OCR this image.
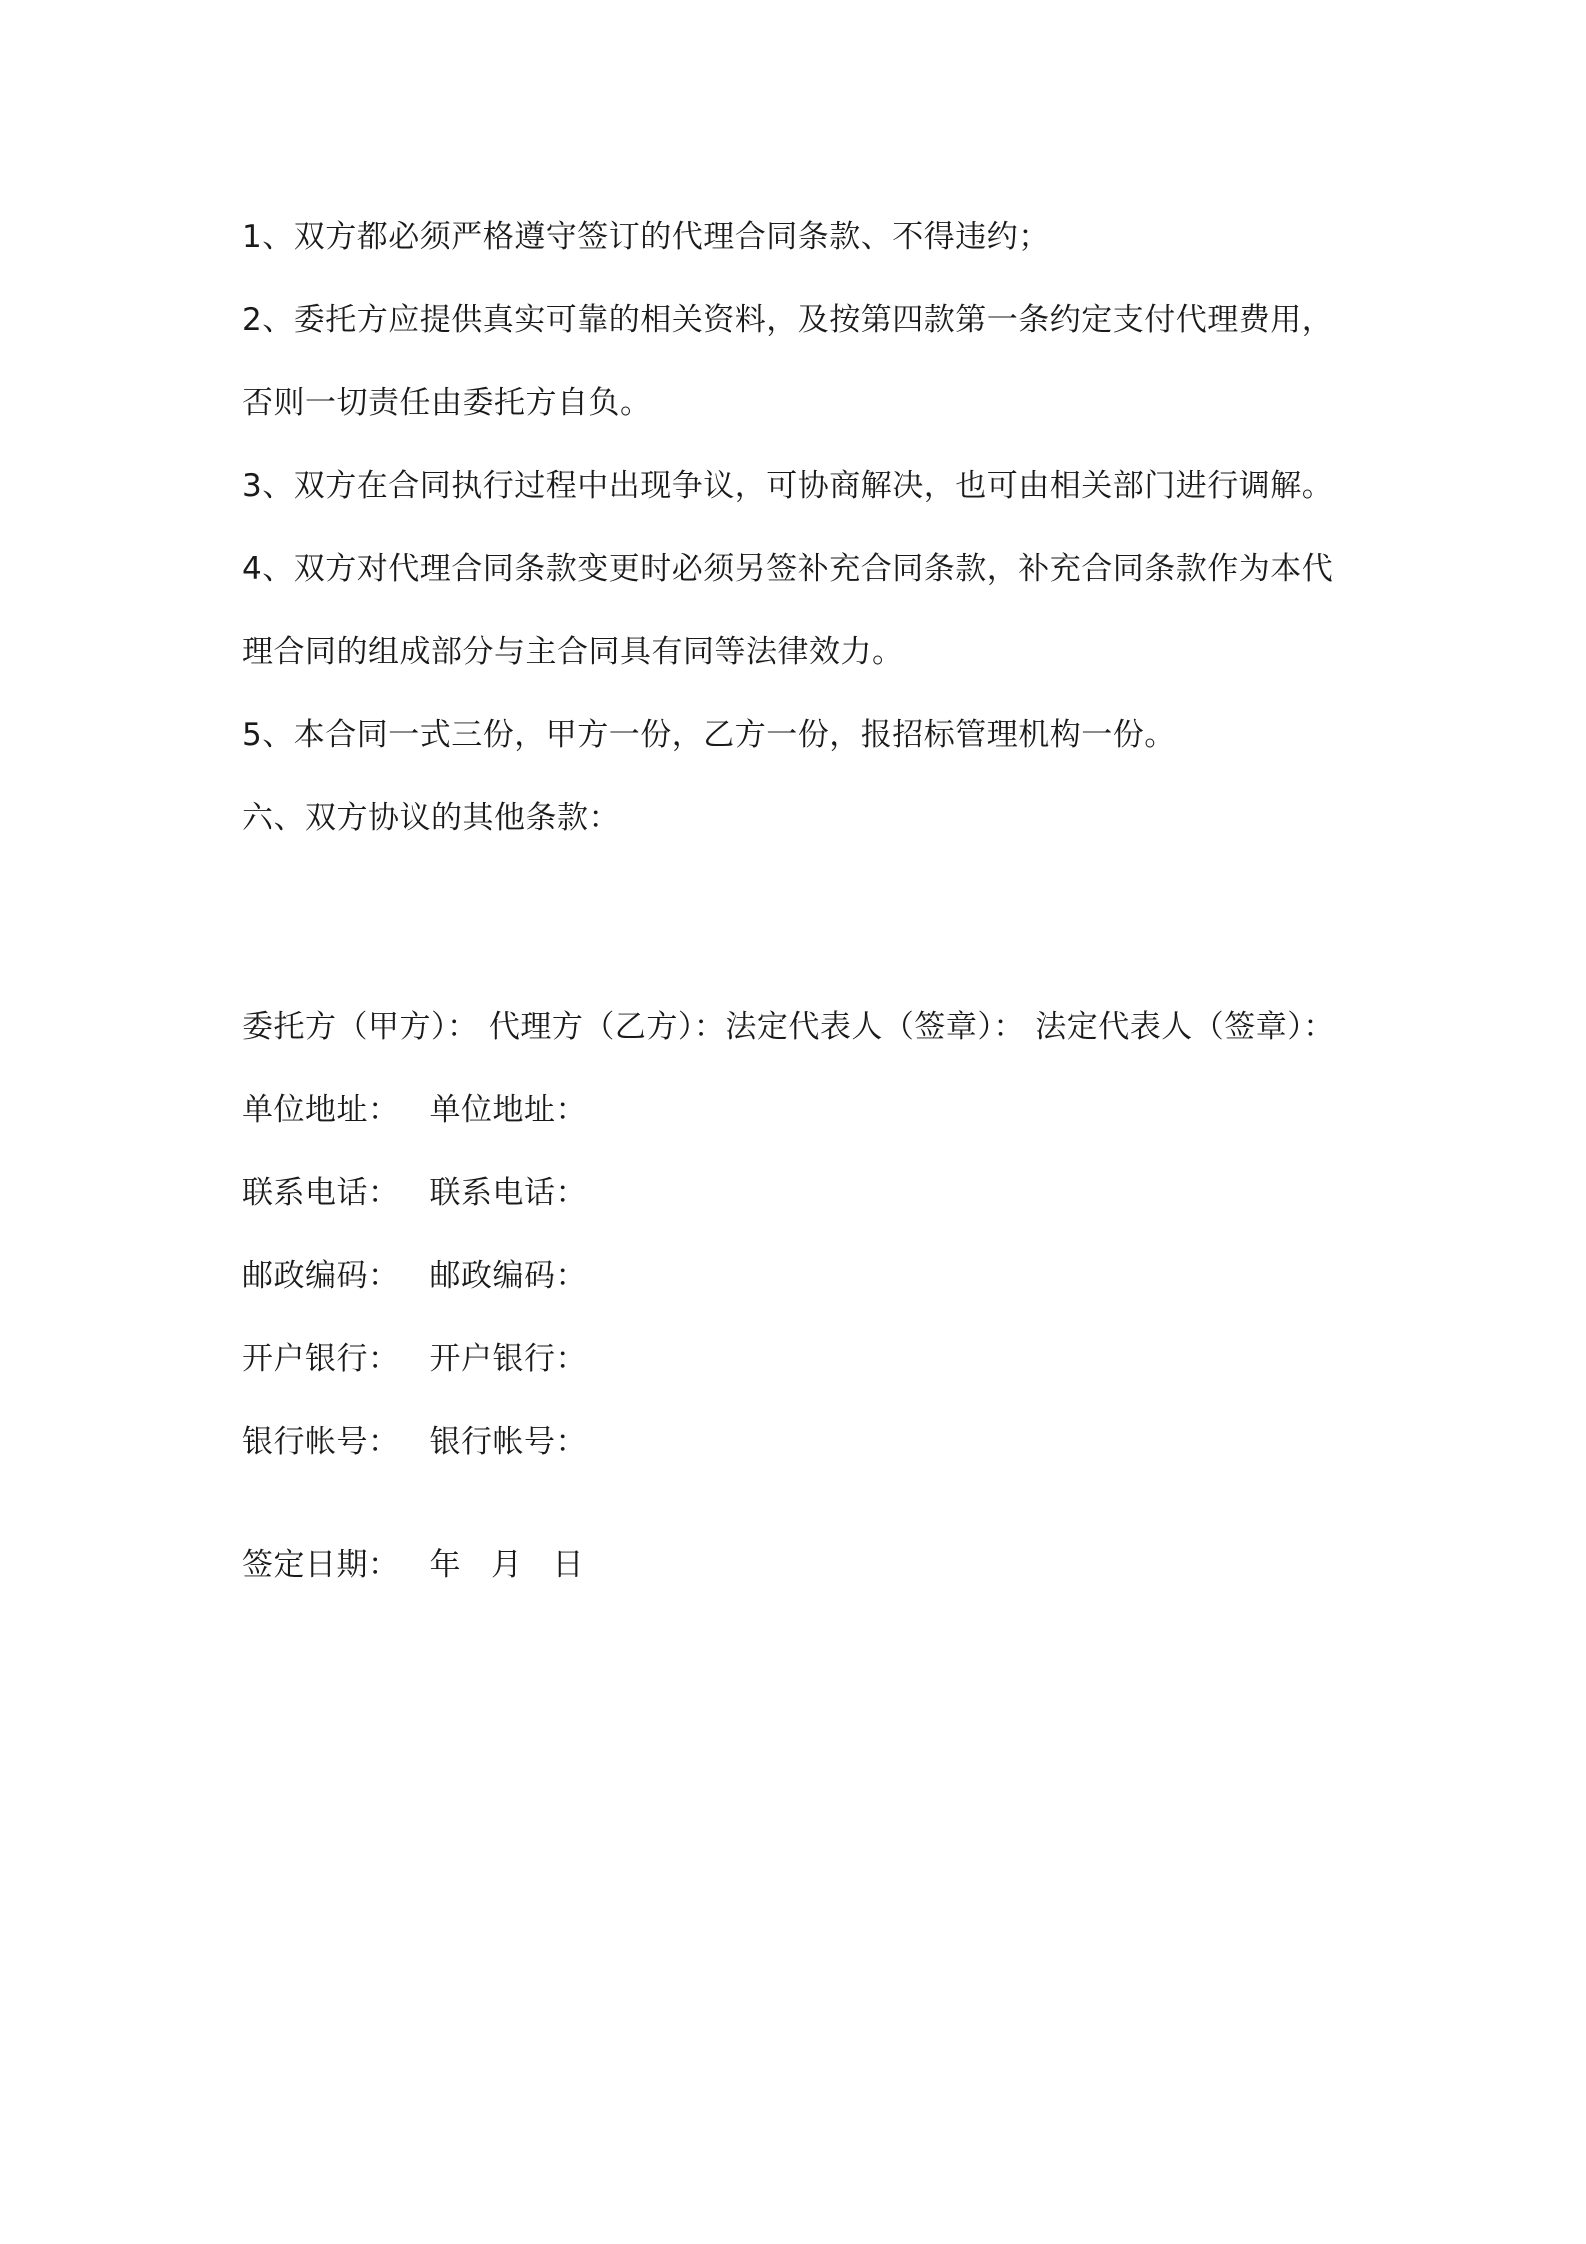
1、双方都必须严格遵守签订的代理合同条款、不得违约；

2、委托方应提供真实可靠的相关资料，及按第四款第一条约定支付代理费用，否则一切责任由委托方自负。

3、双方在合同执行过程中出现争议，可协商解决，也可由相关部门进行调解。

4、双方对代理合同条款变更时必须另签补充合同条款，补充合同条款作为本代理合同的组成部分与主合同具有同等法律效力。

5、本合同一式三份，甲方一份，乙方一份，报招标管理机构一份。

六、双方协议的其他条款：

委托方（甲方）： 代理方（乙方）：法定代表人（签章）： 法定代表人（签章）：

单位地址： 单位地址：
联系电话： 联系电话：
邮政编码： 邮政编码：
开户银行： 开户银行：
银行帐号： 银行帐号：
签定日期： 年 月 日
